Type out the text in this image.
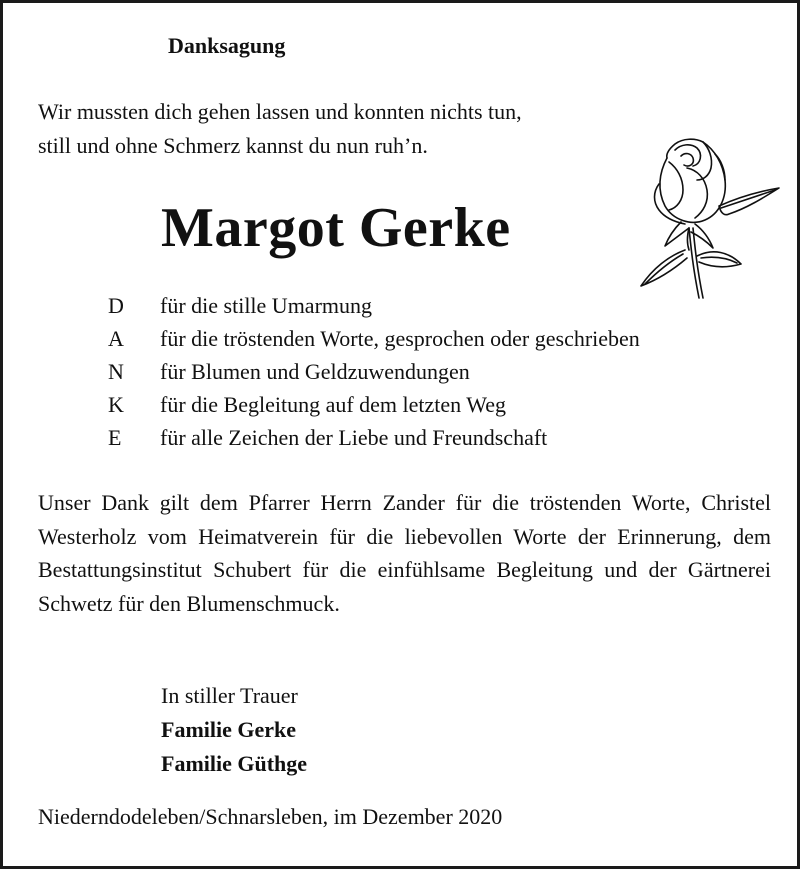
Danksagung
Wir mussten dich gehen lassen und konnten nichts tun,
still und ohne Schmerz kannst du nun ruh’n.
Margot Gerke
D für die stille Umarmung
A für die tröstenden Worte, gesprochen oder geschrieben
N für Blumen und Geldzuwendungen
K für die Begleitung auf dem letzten Weg
E für alle Zeichen der Liebe und Freundschaft
Unser Dank gilt dem Pfarrer Herrn Zander für die tröstenden Worte, Christel Westerholz vom Heimatverein für die liebevollen Worte der Erinnerung, dem Bestattungsinstitut Schubert für die einfühlsame Begleitung und der Gärtnerei Schwetz für den Blumenschmuck.
In stiller Trauer
Familie Gerke
Familie Güthge
Niederndodeleben/Schnarsleben, im Dezember 2020
